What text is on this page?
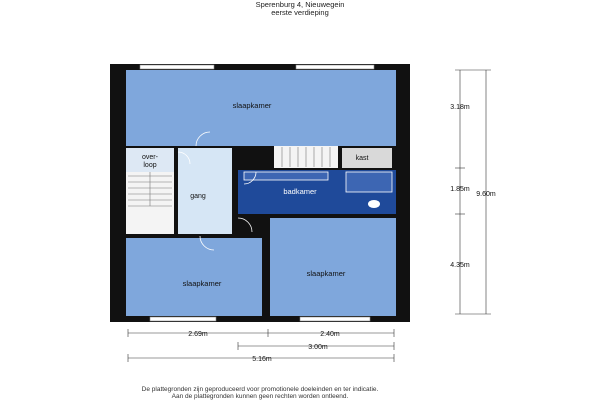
Sperenburg 4, Nieuwegein
eerste verdieping
slaapkamer
over-
loop
gang
kast
badkamer
slaapkamer
slaapkamer
3.18m
1.85m
9.60m
4.35m
2.69m	2.40m
3.00m
5.16m
De plattegronden zijn geproduceerd voor promotionele doeleinden en ter indicatie.
Aan de plattegronden kunnen geen rechten worden ontleend.
